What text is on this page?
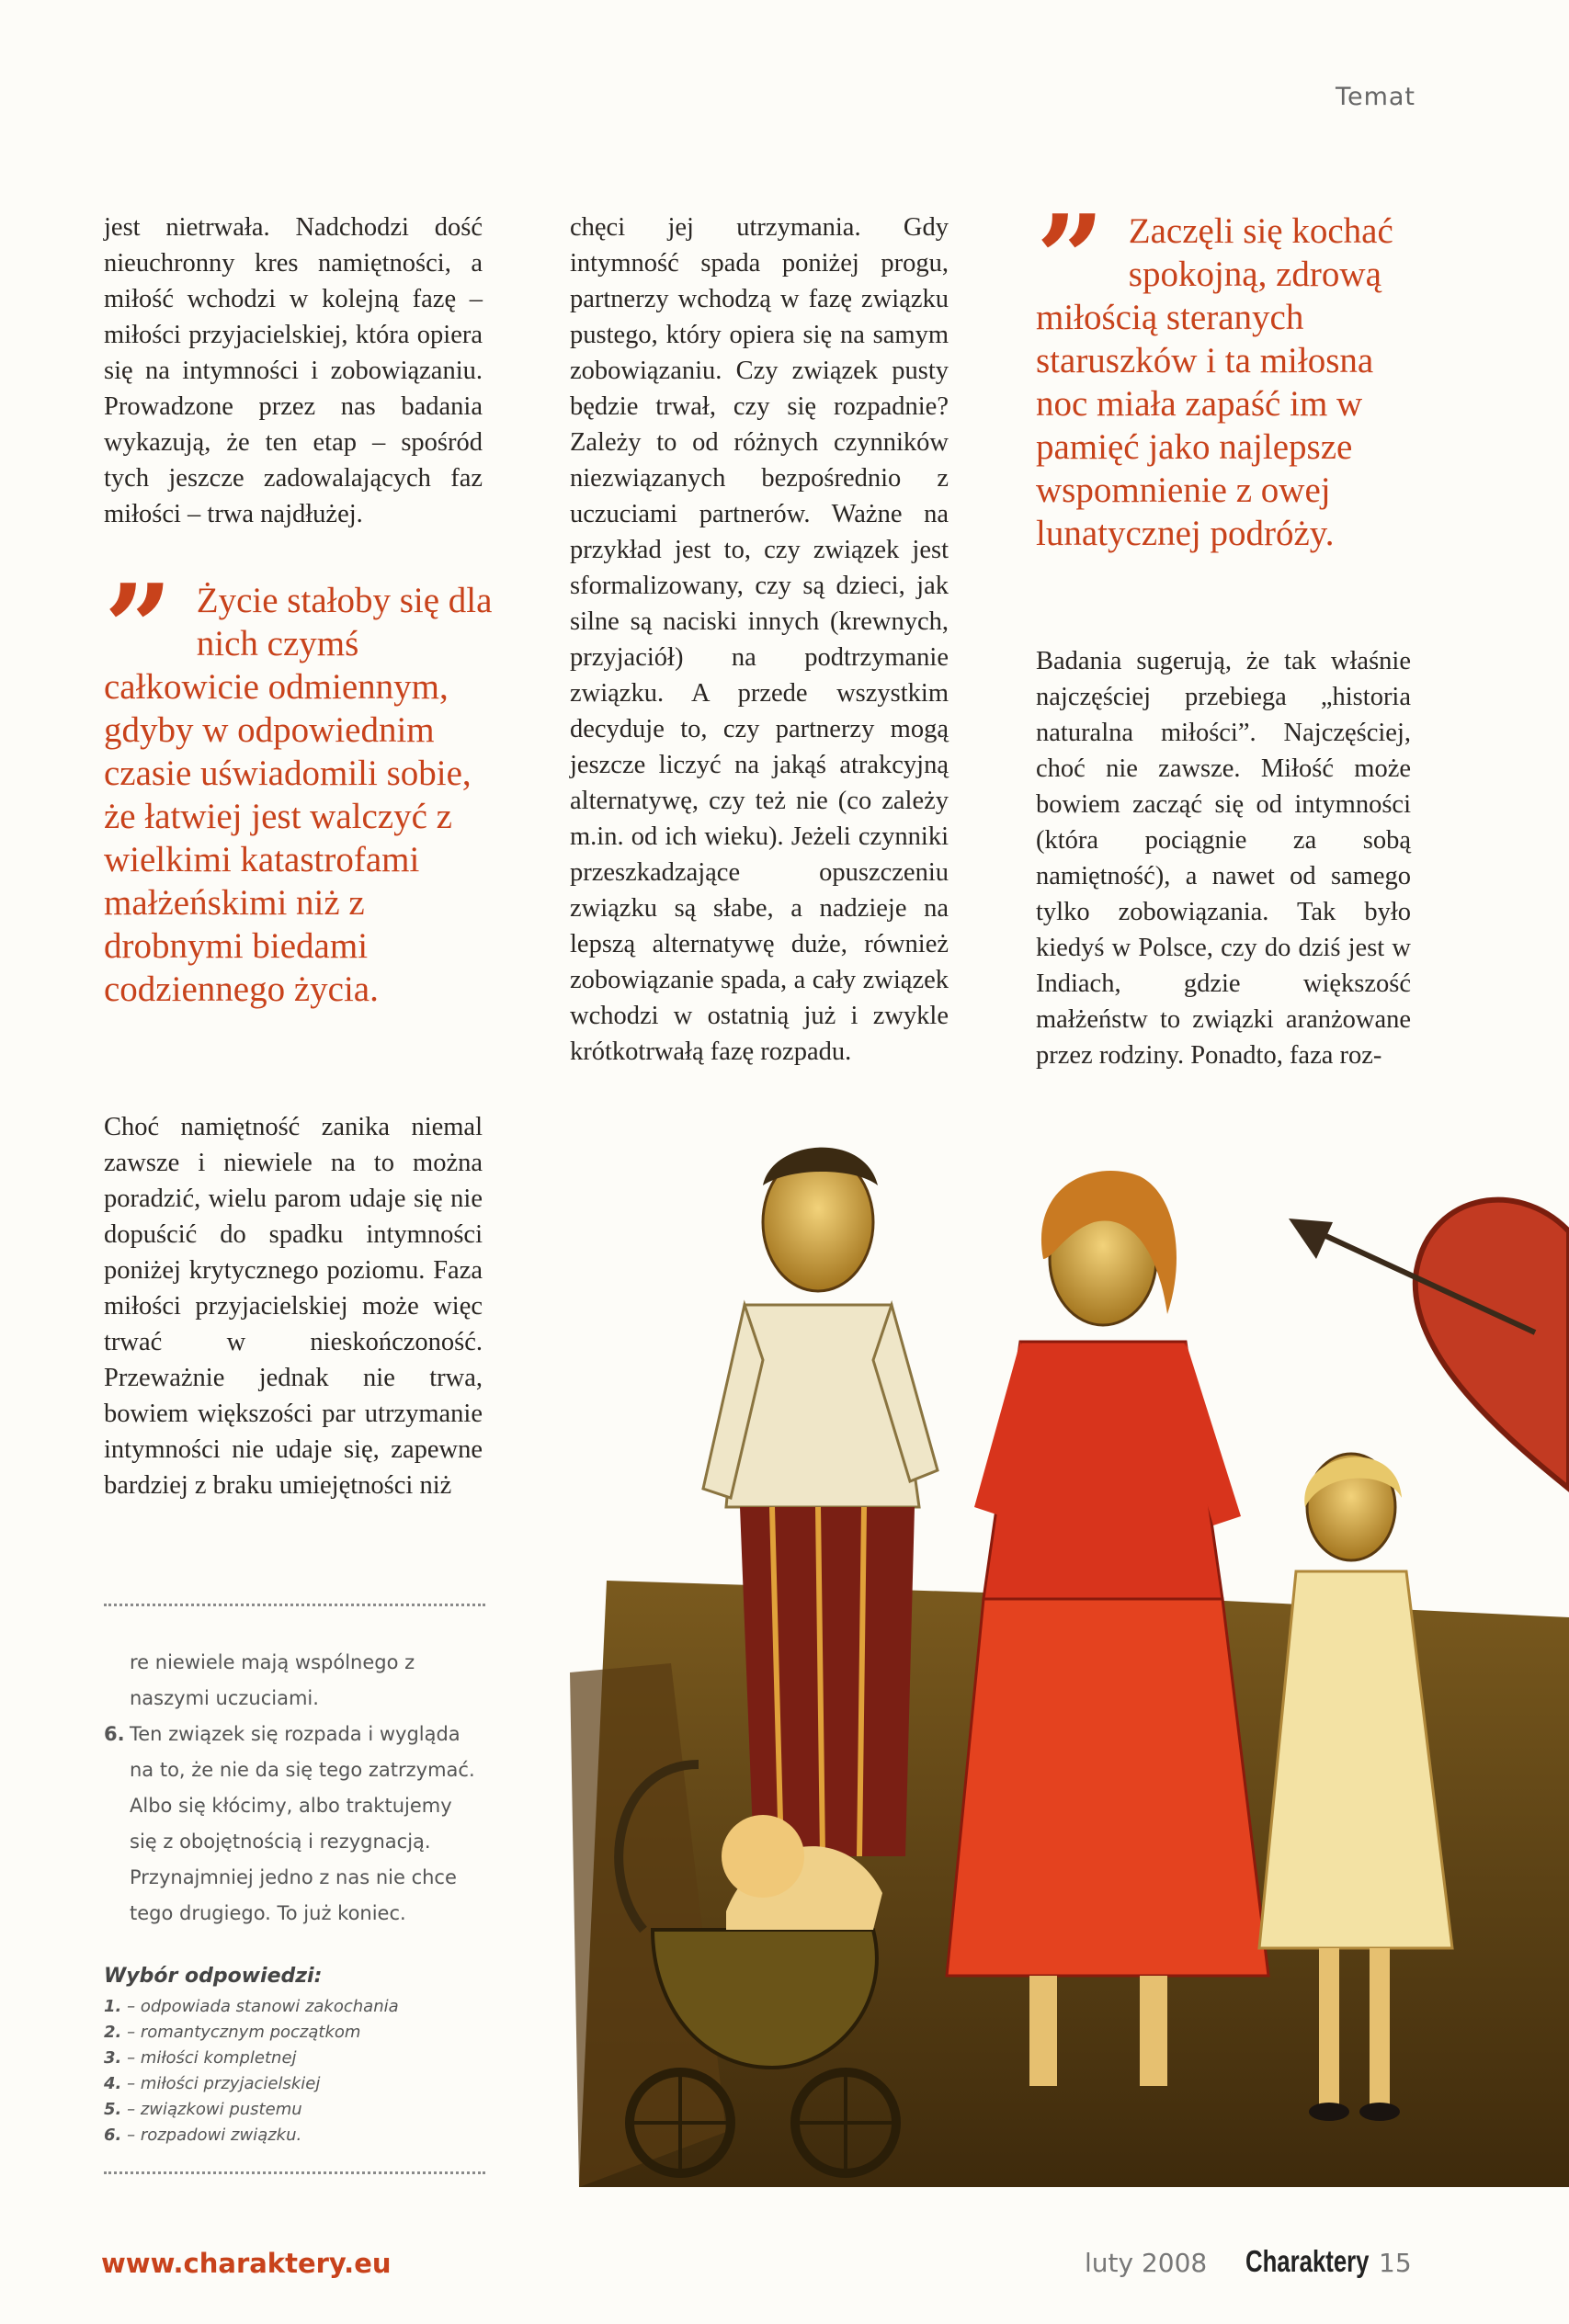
Temat

jest nietrwała. Nadchodzi dość nieuchronny kres namiętności, a miłość wchodzi w kolejną fazę – miłości przyjacielskiej, która opiera się na intymności i zobowiązaniu. Prowadzone przez nas badania wykazują, że ten etap – spośród tych jeszcze zadowalających faz miłości – trwa najdłużej.

” Życie stałoby się dla nich czymś całkowicie odmiennym, gdyby w odpowiednim czasie uświadomili sobie, że łatwiej jest walczyć z wielkimi katastrofami małżeńskimi niż z drobnymi biedami codziennego życia.

Choć namiętność zanika niemal zawsze i niewiele na to można poradzić, wielu parom udaje się nie dopuścić do spadku intymności poniżej krytycznego poziomu. Faza miłości przyjacielskiej może więc trwać w nieskończoność. Przeważnie jednak nie trwa, bowiem większości par utrzymanie intymności nie udaje się, zapewne bardziej z braku umiejętności niż

chęci jej utrzymania. Gdy intymność spada poniżej progu, partnerzy wchodzą w fazę związku pustego, który opiera się na samym zobowiązaniu. Czy związek pusty będzie trwał, czy się rozpadnie? Zależy to od różnych czynników niezwiązanych bezpośrednio z uczuciami partnerów. Ważne na przykład jest to, czy związek jest sformalizowany, czy są dzieci, jak silne są naciski innych (krewnych, przyjaciół) na podtrzymanie związku. A przede wszystkim decyduje to, czy partnerzy mogą jeszcze liczyć na jakąś atrakcyjną alternatywę, czy też nie (co zależy m.in. od ich wieku). Jeżeli czynniki przeszkadzające opuszczeniu związku są słabe, a nadzieje na lepszą alternatywę duże, również zobowiązanie spada, a cały związek wchodzi w ostatnią już i zwykle krótkotrwałą fazę rozpadu.

” Zaczęli się kochać spokojną, zdrową miłością steranych staruszków i ta miłosna noc miała zapaść im w pamięć jako najlepsze wspomnienie z owej lunatycznej podróży.

Badania sugerują, że tak właśnie najczęściej przebiega „historia naturalna miłości”. Najczęściej, choć nie zawsze. Miłość może bowiem zacząć się od intymności (która pociągnie za sobą namiętność), a nawet od samego tylko zobowiązania. Tak było kiedyś w Polsce, czy do dziś jest w Indiach, gdzie większość małżeństw to związki aranżowane przez rodziny. Ponadto, faza roz-

re niewiele mają wspólnego z naszymi uczuciami.
6. Ten związek się rozpada i wygląda na to, że nie da się tego zatrzymać. Albo się kłócimy, albo traktujemy się z obojętnością i rezygnacją. Przynajmniej jedno z nas nie chce tego drugiego. To już koniec.
Wybór odpowiedzi:
1. – odpowiada stanowi zakochania
2. – romantycznym początkom
3. – miłości kompletnej
4. – miłości przyjacielskiej
5. – związkowi pustemu
6. – rozpadowi związku.
www.charaktery.eu	luty 2008 Charaktery 15
